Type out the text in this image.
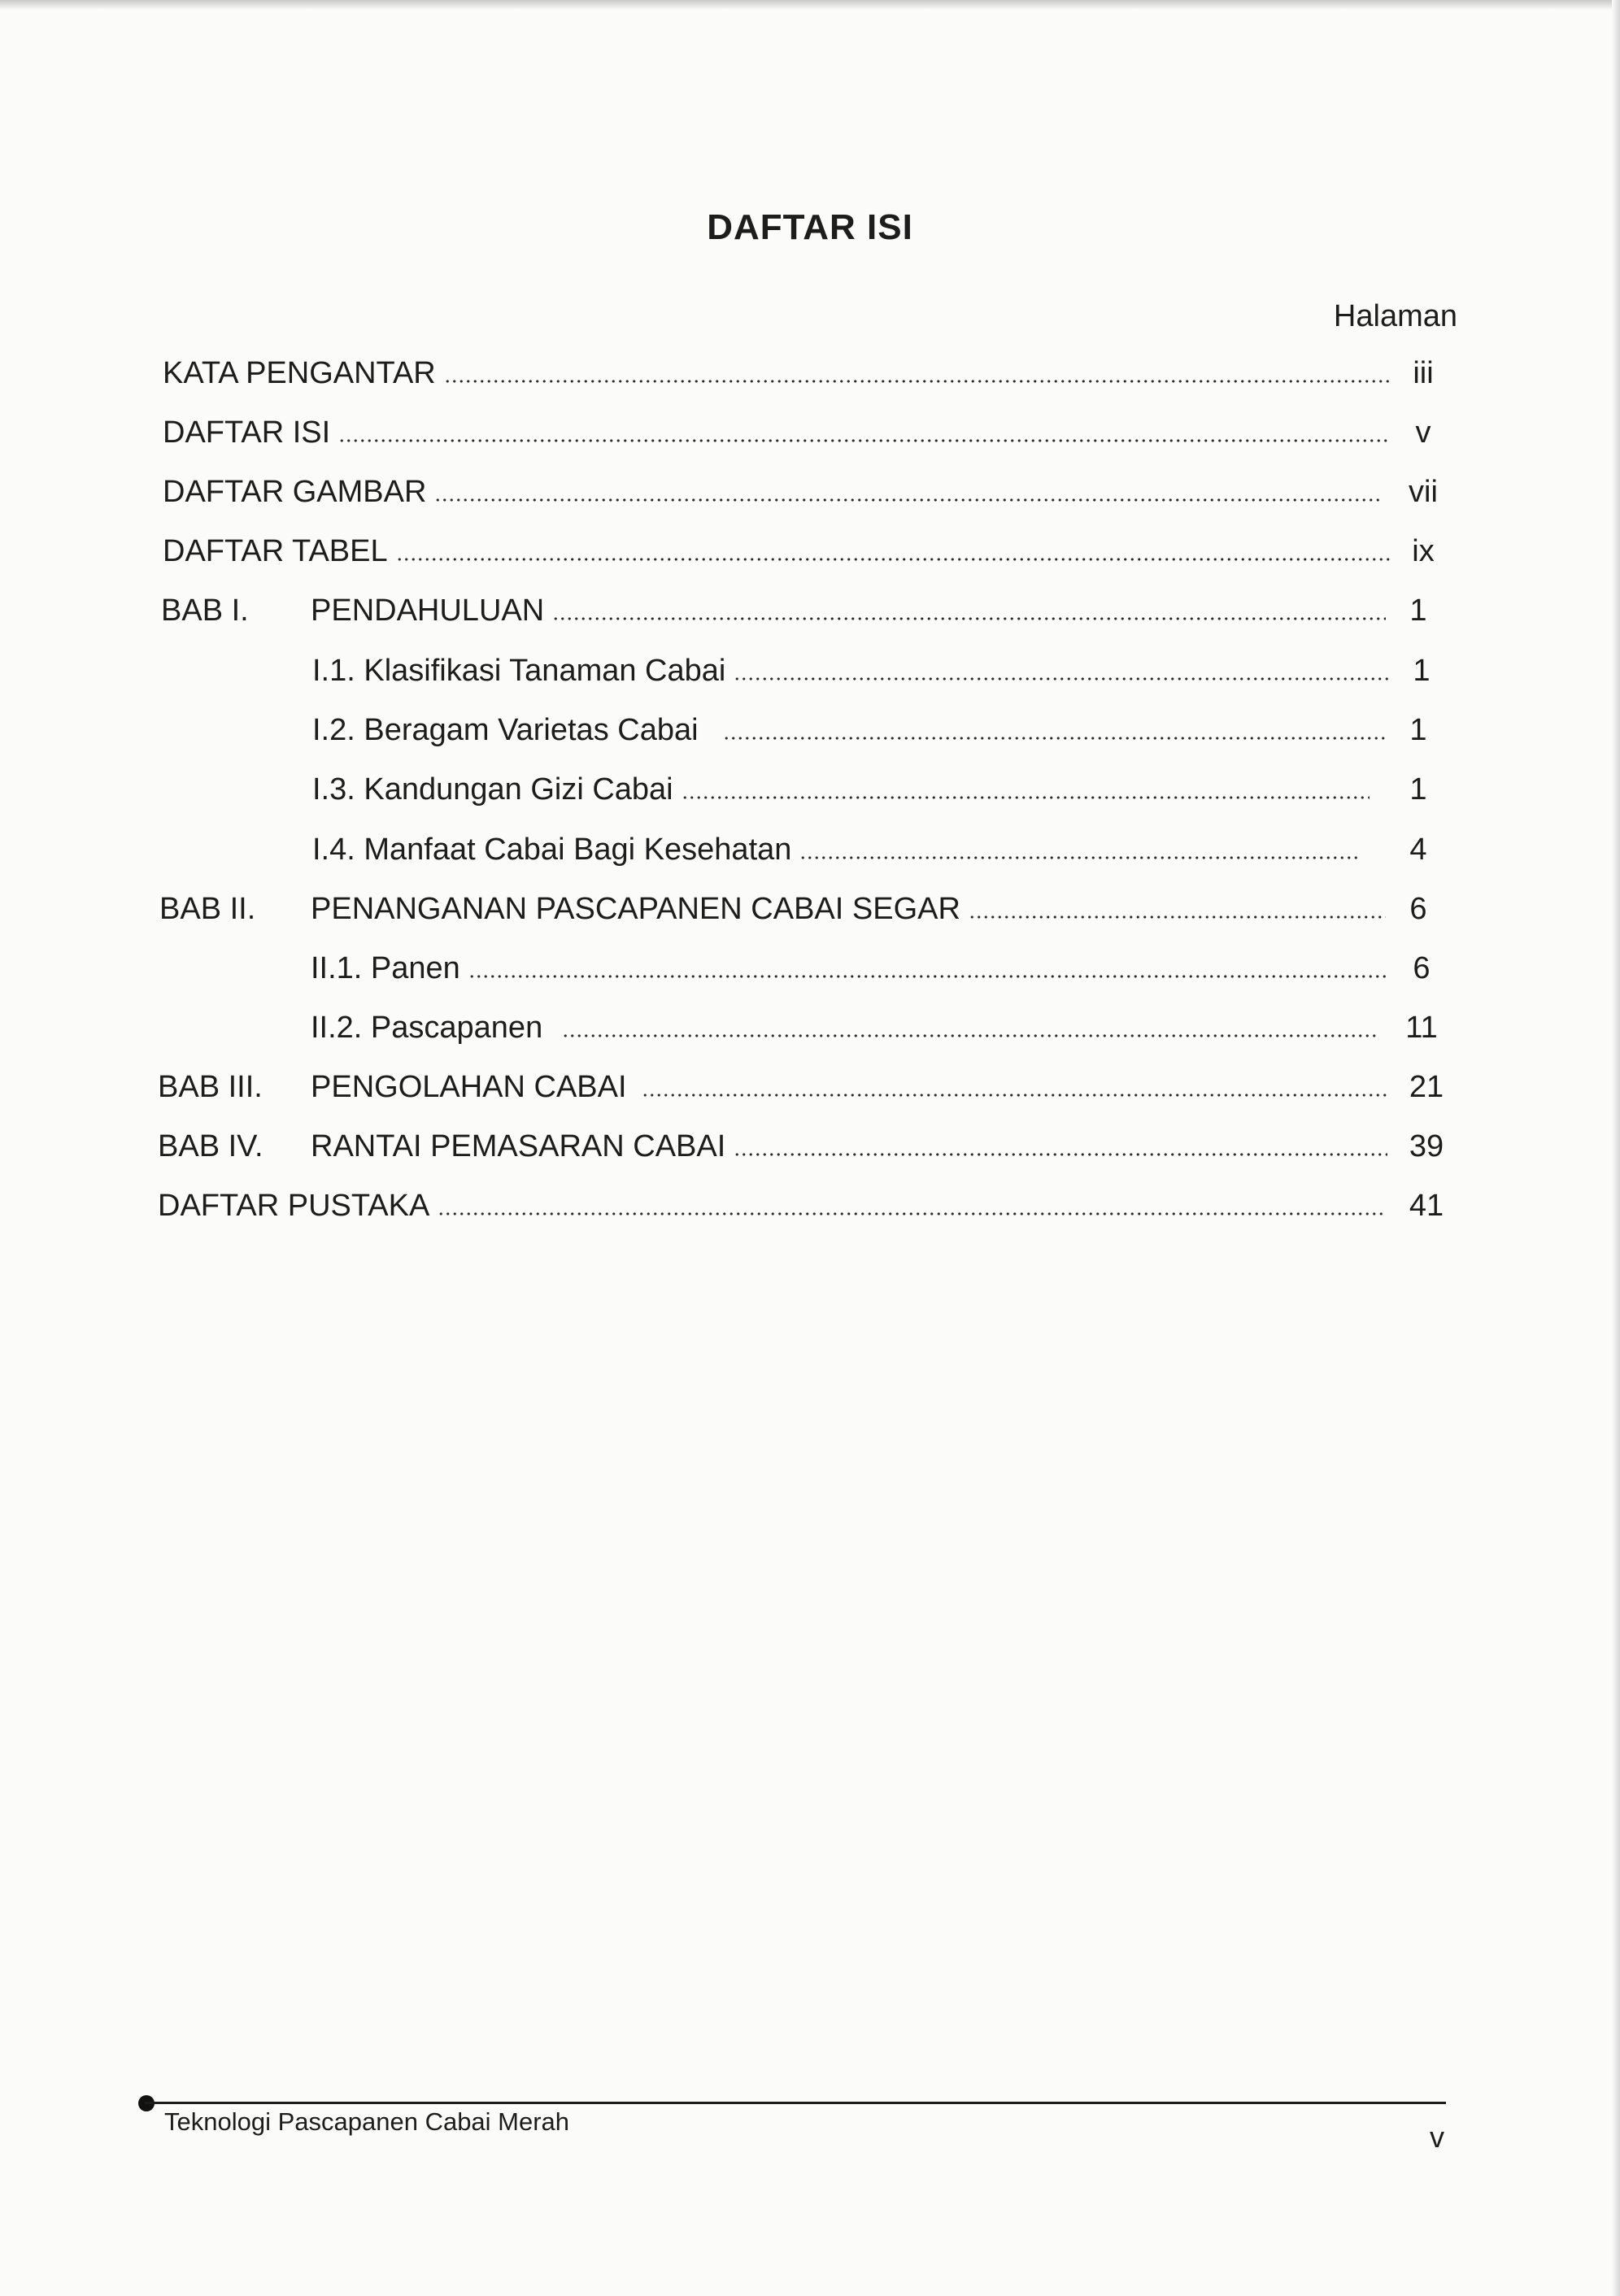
DAFTAR ISI
Halaman
KATA PENGANTAR	iii
DAFTAR ISI	v
DAFTAR GAMBAR	vii
DAFTAR TABEL	ix
BAB I.	PENDAHULUAN	1
I.1. Klasifikasi Tanaman Cabai	1
I.2. Beragam Varietas Cabai	1
I.3. Kandungan Gizi Cabai	1
I.4. Manfaat Cabai Bagi Kesehatan	4
BAB II.	PENANGANAN PASCAPANEN CABAI SEGAR	6
II.1. Panen	6
II.2. Pascapanen	11
BAB III.	PENGOLAHAN CABAI	21
BAB IV.	RANTAI PEMASARAN CABAI	39
DAFTAR PUSTAKA	41
Teknologi Pascapanen Cabai Merah	v
